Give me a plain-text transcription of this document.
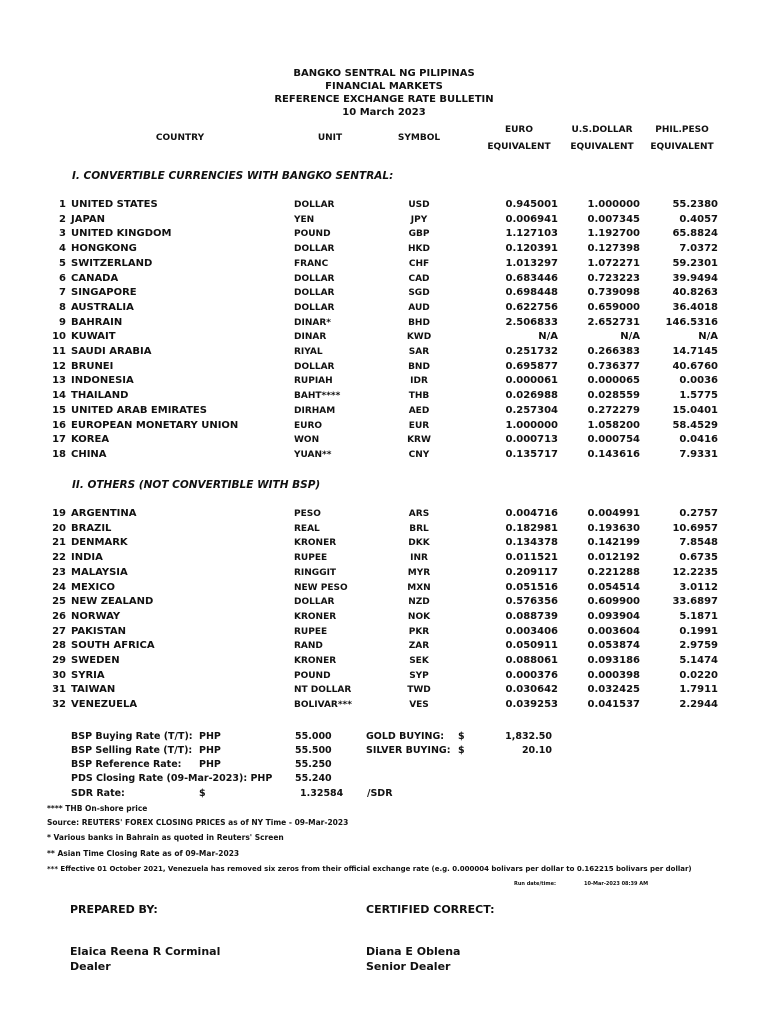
BANGKO SENTRAL NG PILIPINAS
FINANCIAL MARKETS
REFERENCE EXCHANGE RATE BULLETIN
10 March 2023
COUNTRY	UNIT	SYMBOL
EURO
EQUIVALENT
U.S.DOLLAR
EQUIVALENT
PHIL.PESO
EQUIVALENT
I. CONVERTIBLE CURRENCIES WITH BANGKO SENTRAL:
1 UNITED STATES	DOLLAR	USD	0.945001	1.000000	55.2380
2 JAPAN	YEN	JPY	0.006941	0.007345	0.4057
3 UNITED KINGDOM	POUND	GBP	1.127103	1.192700	65.8824
4 HONGKONG	DOLLAR	HKD	0.120391	0.127398	7.0372
5 SWITZERLAND	FRANC	CHF	1.013297	1.072271	59.2301
6 CANADA	DOLLAR	CAD	0.683446	0.723223	39.9494
7 SINGAPORE	DOLLAR	SGD	0.698448	0.739098	40.8263
8 AUSTRALIA	DOLLAR	AUD	0.622756	0.659000	36.4018
9 BAHRAIN	DINAR*	BHD	2.506833	2.652731	146.5316
10 KUWAIT	DINAR	KWD	N/A	N/A	N/A
11 SAUDI ARABIA	RIYAL	SAR	0.251732	0.266383	14.7145
12 BRUNEI	DOLLAR	BND	0.695877	0.736377	40.6760
13 INDONESIA	RUPIAH	IDR	0.000061	0.000065	0.0036
14 THAILAND	BAHT****	THB	0.026988	0.028559	1.5775
15 UNITED ARAB EMIRATES	DIRHAM	AED	0.257304	0.272279	15.0401
16 EUROPEAN MONETARY UNION	EURO	EUR	1.000000	1.058200	58.4529
17 KOREA	WON	KRW	0.000713	0.000754	0.0416
18 CHINA	YUAN**	CNY	0.135717	0.143616	7.9331
II. OTHERS (NOT CONVERTIBLE WITH BSP)
19 ARGENTINA	PESO	ARS	0.004716	0.004991	0.2757
20 BRAZIL	REAL	BRL	0.182981	0.193630	10.6957
21 DENMARK	KRONER	DKK	0.134378	0.142199	7.8548
22 INDIA	RUPEE	INR	0.011521	0.012192	0.6735
23 MALAYSIA	RINGGIT	MYR	0.209117	0.221288	12.2235
24 MEXICO	NEW PESO	MXN	0.051516	0.054514	3.0112
25 NEW ZEALAND	DOLLAR	NZD	0.576356	0.609900	33.6897
26 NORWAY	KRONER	NOK	0.088739	0.093904	5.1871
27 PAKISTAN	RUPEE	PKR	0.003406	0.003604	0.1991
28 SOUTH AFRICA	RAND	ZAR	0.050911	0.053874	2.9759
29 SWEDEN	KRONER	SEK	0.088061	0.093186	5.1474
30 SYRIA	POUND	SYP	0.000376	0.000398	0.0220
31 TAIWAN	NT DOLLAR	TWD	0.030642	0.032425	1.7911
32 VENEZUELA	BOLIVAR***	VES	0.039253	0.041537	2.2944
BSP Buying Rate (T/T): PHP	55.000
BSP Selling Rate (T/T): PHP	55.500
BSP Reference Rate: PHP	55.250
PDS Closing Rate (09-Mar-2023): PHP 55.240
SDR Rate:	$	1.32584 /SDR
GOLD BUYING: $	1,832.50
SILVER BUYING: $	20.10
**** THB On-shore price
Source: REUTERS' FOREX CLOSING PRICES as of NY Time - 09-Mar-2023
* Various banks in Bahrain as quoted in Reuters' Screen
** Asian Time Closing Rate as of 09-Mar-2023
*** Effective 01 October 2021, Venezuela has removed six zeros from their official exchange rate (e.g. 0.000004 bolivars per dollar to 0.162215 bolivars per dollar)
Run date/time:	10-Mar-2023 08:39 AM
PREPARED BY:	CERTIFIED CORRECT:
Elaica Reena R Corminal
Dealer
Diana E Oblena
Senior Dealer
